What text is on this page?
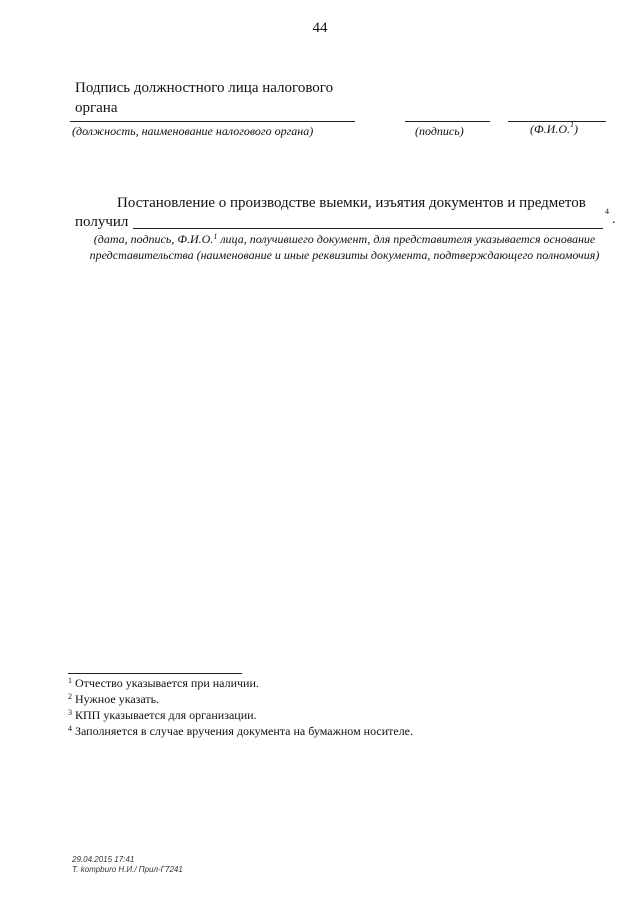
44
Подпись должностного лица налогового органа
(должность, наименование налогового органа)	(подпись)	(Ф.И.О.$^1$)
Постановление о производстве выемки, изъятия документов и предметов
получил
4
.
(дата, подпись, Ф.И.О.$^1$ лица, получившего документ, для представителя указывается основание представительства (наименование и иные реквизиты документа, подтверждающего полномочия)
$^1$ Отчество указывается при наличии.
$^2$ Нужное указать.
$^3$ КПП указывается для организации.
$^4$ Заполняется в случае вручения документа на бумажном носителе.
29.04.2015 17:41
Т. kompburo Н.И./ Прил-Г7241
